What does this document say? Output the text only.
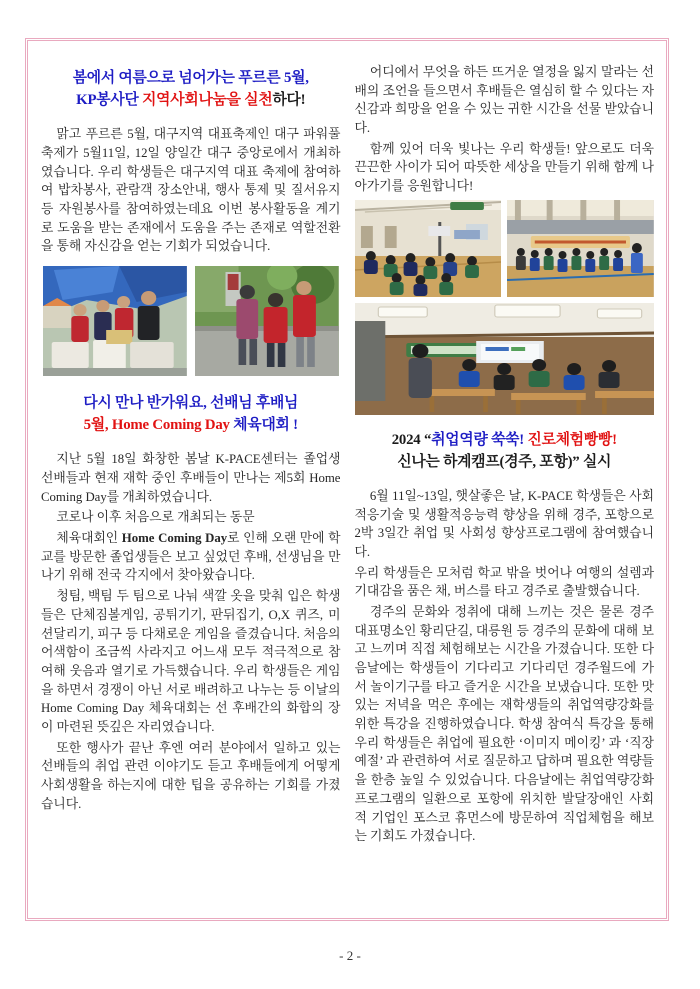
봄에서 여름으로 넘어가는 푸르른 5월,
KP봉사단 지역사회나눔을 실천하다!

맑고 푸르른 5월, 대구지역 대표축제인 대구 파워풀 축제가 5월11일, 12일 양일간 대구 중앙로에서 개최하였습니다. 우리 학생들은 대구지역 대표 축제에 참여하여 밥차봉사, 관람객 장소안내, 행사 통제 및 질서유지 등 자원봉사를 참여하였는데요 이번 봉사활동을 계기로 도움을 받는 존재에서 도움을 주는 존재로 역할전환을 통해 자신감을 얻는 기회가 되었습니다.

다시 만나 반가워요, 선배님 후배님
5월, Home Coming Day 체육대회 !

지난 5월 18일 화창한 봄날 K-PACE센터는 졸업생 선배들과 현재 재학 중인 후배들이 만나는 제5회 Home Coming Day를 개최하였습니다.

코로나 이후 처음으로 개최되는 동문

체육대회인 Home Coming Day로 인해 오랜 만에 학교를 방문한 졸업생들은 보고 싶었던 후배, 선생님을 만나기 위해 전국 각지에서 찾아왔습니다.

청팀, 백팀 두 팀으로 나눠 색깔 옷을 맞춰 입은 학생들은 단체짐볼게임, 공튀기기, 판뒤집기, O,X 퀴즈, 미션달리기, 피구 등 다채로운 게임을 즐겼습니다. 처음의 어색함이 조금씩 사라지고 어느새 모두 적극적으로 참여해 웃음과 열기로 가득했습니다. 우리 학생들은 게임을 하면서 경쟁이 아닌 서로 배려하고 나누는 등 이날의 Home Coming Day 체육대회는 선 후배간의 화합의 장이 마련된 뜻깊은 자리였습니다.

또한 행사가 끝난 후엔 여러 분야에서 일하고 있는 선배들의 취업 관련 이야기도 듣고 후배들에게 어떻게 사회생활을 하는지에 대한 팁을 공유하는 기회를 가졌습니다.

어디에서 무엇을 하든 뜨거운 열정을 잃지 말라는 선배의 조언을 들으면서 후배들은 열심히 할 수 있다는 자신감과 희망을 얻을 수 있는 귀한 시간을 선물 받았습니다.

함께 있어 더욱 빛나는 우리 학생들! 앞으로도 더욱 끈끈한 사이가 되어 따뜻한 세상을 만들기 위해 함께 나아가기를 응원합니다!

2024 “취업역량 쑥쑥! 진로체험빵빵!
신나는 하계캠프(경주, 포항)” 실시

6월 11일~13일, 햇살좋은 날, K-PACE 학생들은 사회적응기술 및 생활적응능력 향상을 위해 경주, 포항으로 2박 3일간 취업 및 사회성 향상프로그램에 참여했습니다.

우리 학생들은 모처럼 학교 밖을 벗어나 여행의 설렘과 기대감을 품은 채, 버스를 타고 경주로 출발했습니다.

경주의 문화와 정취에 대해 느끼는 것은 물론 경주 대표명소인 황리단길, 대릉원 등 경주의 문화에 대해 보고 느끼며 직접 체험해보는 시간을 가졌습니다. 또한 다음날에는 학생들이 기다리고 기다리던 경주월드에 가서 놀이기구를 타고 즐거운 시간을 보냈습니다. 또한 맛있는 저녁을 먹은 후에는 재학생들의 취업역량강화를 위한 특강을 진행하였습니다. 학생 참여식 특강을 통해 우리 학생들은 취업에 필요한 ‘이미지 메이킹’ 과 ‘직장 예절’ 과 관련하여 서로 질문하고 답하며 필요한 역량들을 한층 높일 수 있었습니다. 다음날에는 취업역량강화 프로그램의 일환으로 포항에 위치한 발달장애인 사회적 기업인 포스코 휴먼스에 방문하여 직업체험을 해보는 기회도 가졌습니다.

- 2 -
